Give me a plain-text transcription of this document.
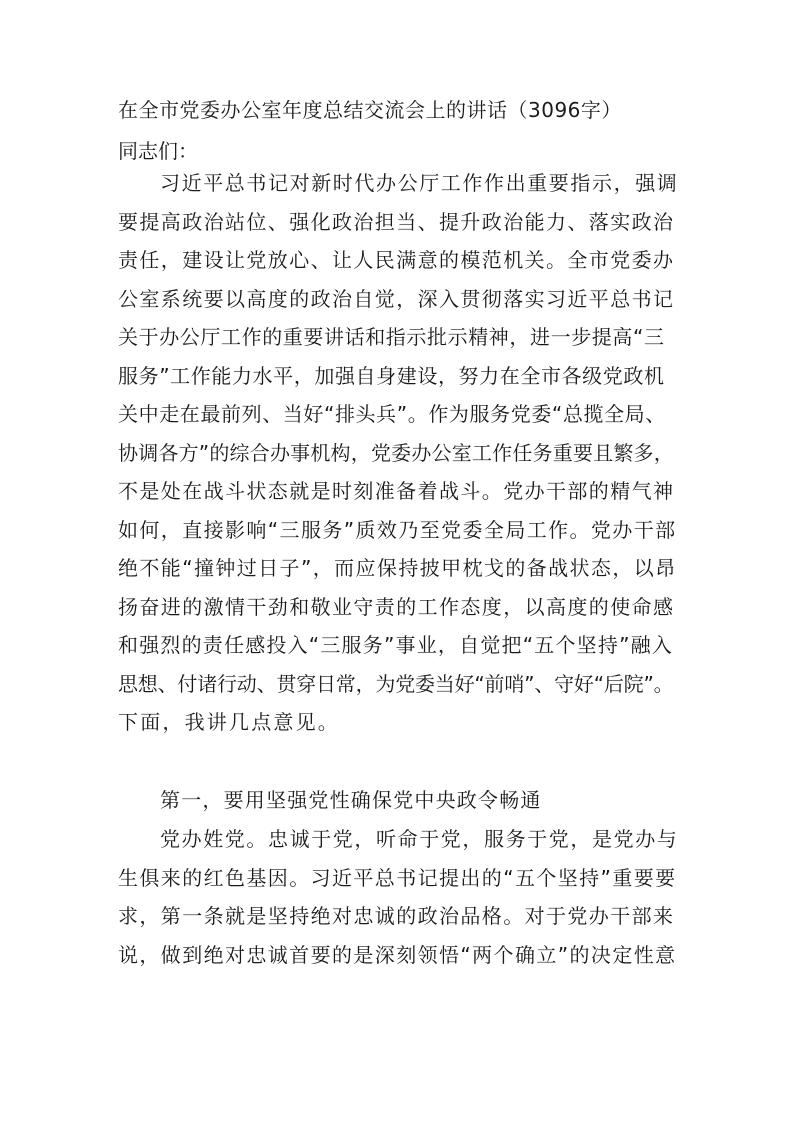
在全市党委办公室年度总结交流会上的讲话（3096字）
同志们：
习近平总书记对新时代办公厅工作作出重要指示，强调
要提高政治站位、强化政治担当、提升政治能力、落实政治
责任，建设让党放心、让人民满意的模范机关。全市党委办
公室系统要以高度的政治自觉，深入贯彻落实习近平总书记
关于办公厅工作的重要讲话和指示批示精神，进一步提高“三
服务”工作能力水平，加强自身建设，努力在全市各级党政机
关中走在最前列、当好“排头兵”。作为服务党委“总揽全局、
协调各方”的综合办事机构，党委办公室工作任务重要且繁多，
不是处在战斗状态就是时刻准备着战斗。党办干部的精气神
如何，直接影响“三服务”质效乃至党委全局工作。党办干部
绝不能“撞钟过日子”，而应保持披甲枕戈的备战状态，以昂
扬奋进的激情干劲和敬业守责的工作态度，以高度的使命感
和强烈的责任感投入“三服务”事业，自觉把“五个坚持”融入
思想、付诸行动、贯穿日常，为党委当好“前哨”、守好“后院”。
下面，我讲几点意见。
第一，要用坚强党性确保党中央政令畅通
党办姓党。忠诚于党，听命于党，服务于党，是党办与
生俱来的红色基因。习近平总书记提出的“五个坚持”重要要
求，第一条就是坚持绝对忠诚的政治品格。对于党办干部来
说，做到绝对忠诚首要的是深刻领悟“两个确立”的决定性意
